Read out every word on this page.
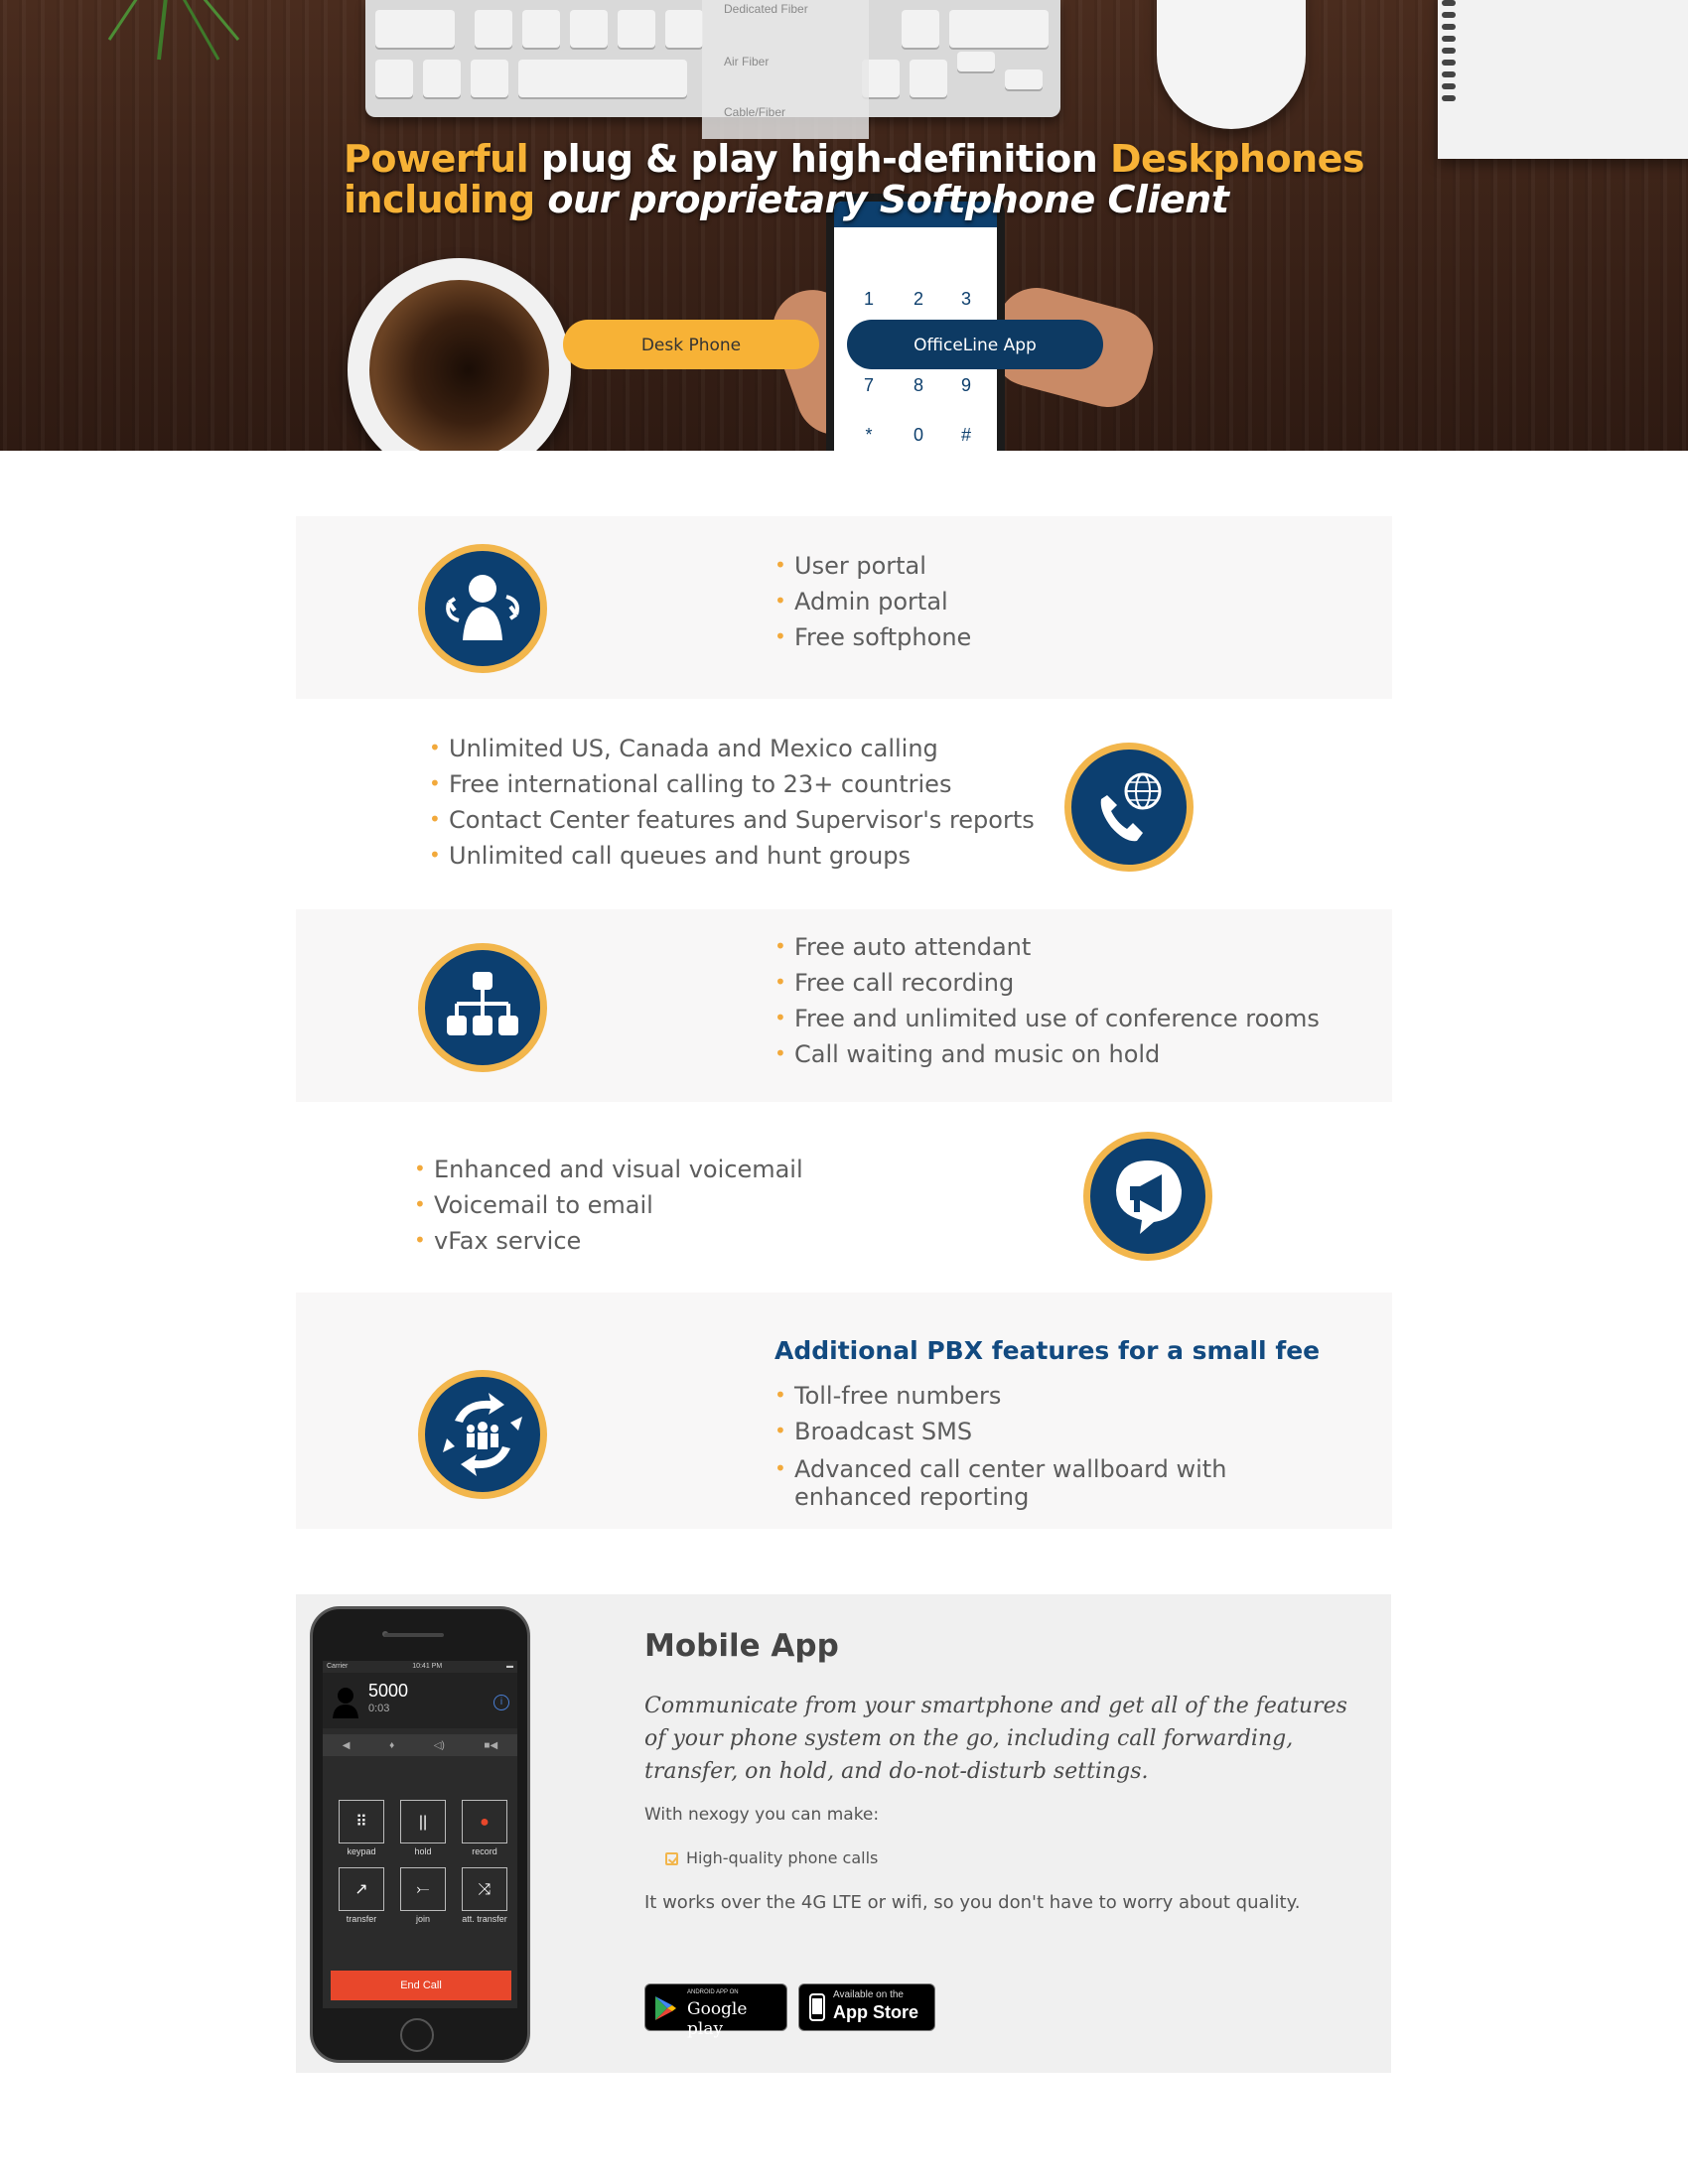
Dedicated Fiber
Air Fiber
Cable/Fiber
1	2	3
7	8	9
*	0	#
Powerful plug & play high-definition Deskphones
including our proprietary Softphone Client
Desk Phone	OfficeLine App
• User portal
• Admin portal
• Free softphone
• Unlimited US, Canada and Mexico calling
• Free international calling to 23+ countries
• Contact Center features and Supervisor's reports
• Unlimited call queues and hunt groups
• Free auto attendant
• Free call recording
• Free and unlimited use of conference rooms
• Call waiting and music on hold
• Enhanced and visual voicemail
• Voicemail to email
• vFax service
Additional PBX features for a small fee
• Toll-free numbers
• Broadcast SMS
• Advanced call center wallboard with enhanced reporting
Carrier	10:41 PM	▬
5000
0:03
i
◀	♦	◁)	■◀
⠿
keypad
||
hold
●
record
↗
transfer
⤚
join
⤨
att. transfer
End Call
Mobile App
Communicate from your smartphone and get all of the features of your phone system on the go, including call forwarding, transfer, on hold, and do-not-disturb settings.
With nexogy you can make:
High-quality phone calls
It works over the 4G LTE or wifi, so you don't have to worry about quality.
ANDROID APP ON
Google play
Available on the
App Store
